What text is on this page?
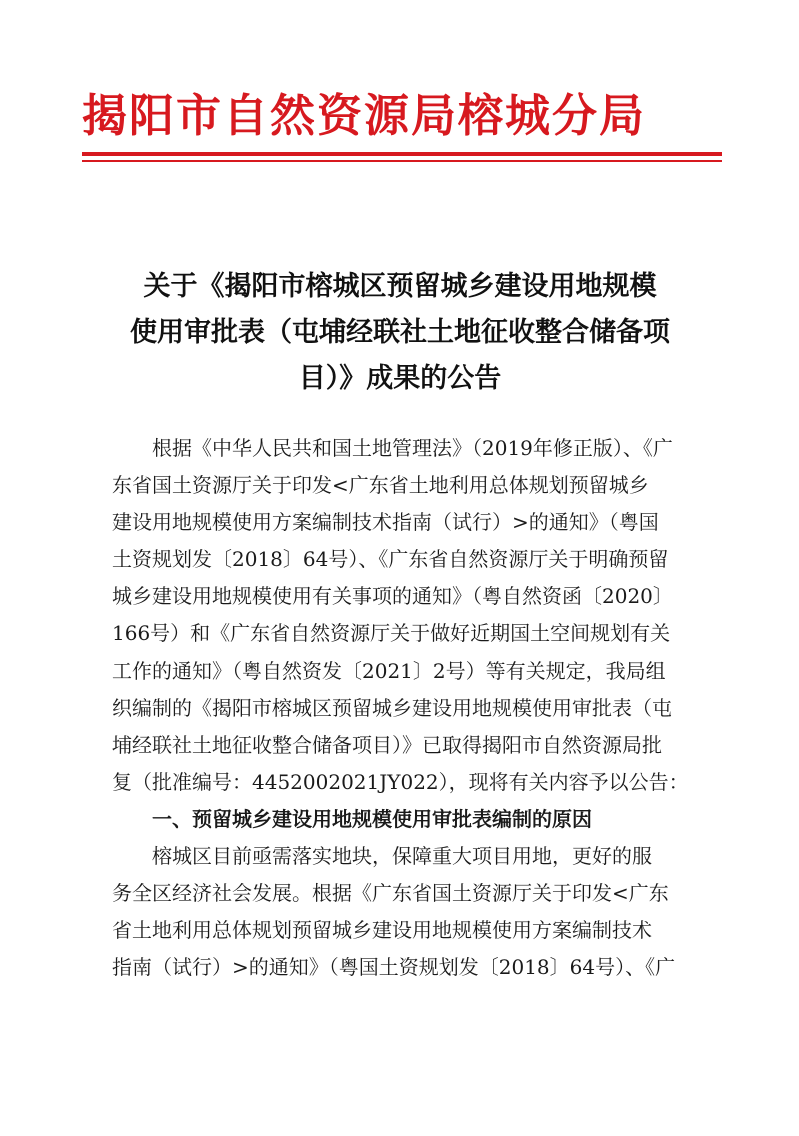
揭阳市自然资源局榕城分局
关于《揭阳市榕城区预留城乡建设用地规模
使用审批表（屯埔经联社土地征收整合储备项
目）》成果的公告
根据《中华人民共和国土地管理法》（2019年修正版）、《广
东省国土资源厅关于印发<广东省土地利用总体规划预留城乡
建设用地规模使用方案编制技术指南（试行）>的通知》（粤国
土资规划发〔2018〕64号）、《广东省自然资源厅关于明确预留
城乡建设用地规模使用有关事项的通知》（粤自然资函〔2020〕
166号）和《广东省自然资源厅关于做好近期国土空间规划有关
工作的通知》（粤自然资发〔2021〕2号）等有关规定，我局组
织编制的《揭阳市榕城区预留城乡建设用地规模使用审批表（屯
埔经联社土地征收整合储备项目）》已取得揭阳市自然资源局批
复（批准编号：4452002021JY022），现将有关内容予以公告：
一、预留城乡建设用地规模使用审批表编制的原因
榕城区目前亟需落实地块，保障重大项目用地，更好的服
务全区经济社会发展。根据《广东省国土资源厅关于印发<广东
省土地利用总体规划预留城乡建设用地规模使用方案编制技术
指南（试行）>的通知》（粤国土资规划发〔2018〕64号）、《广
